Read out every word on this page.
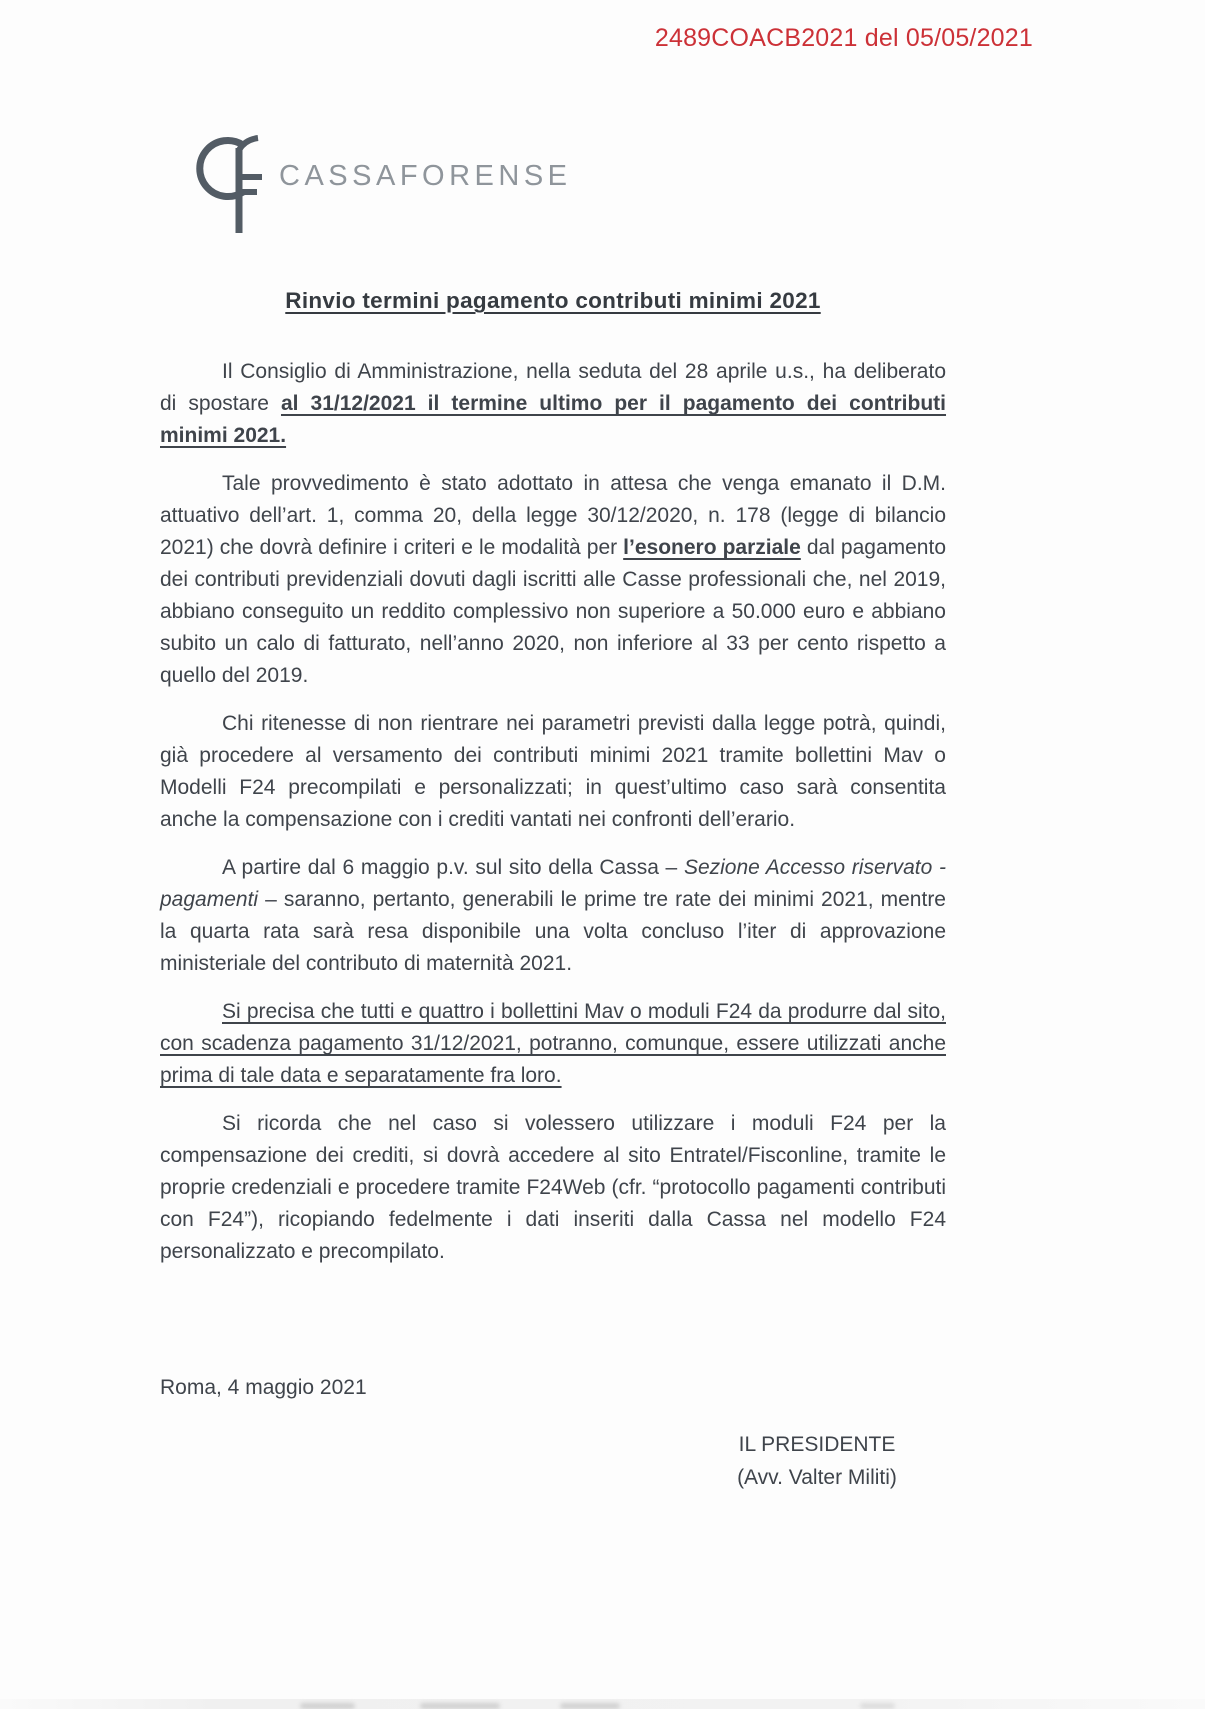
2489COACB2021 del 05/05/2021
CASSAFORENSE
Rinvio termini pagamento contributi minimi 2021

Il Consiglio di Amministrazione, nella seduta del 28 aprile u.s., ha deliberato di spostare al 31/12/2021 il termine ultimo per il pagamento dei contributi minimi 2021.

Tale provvedimento è stato adottato in attesa che venga emanato il D.M. attuativo dell’art. 1, comma 20, della legge 30/12/2020, n. 178 (legge di bilancio 2021) che dovrà definire i criteri e le modalità per l’esonero parziale dal pagamento dei contributi previdenziali dovuti dagli iscritti alle Casse professionali che, nel 2019, abbiano conseguito un reddito complessivo non superiore a 50.000 euro e abbiano subito un calo di fatturato, nell’anno 2020, non inferiore al 33 per cento rispetto a quello del 2019.

Chi ritenesse di non rientrare nei parametri previsti dalla legge potrà, quindi, già procedere al versamento dei contributi minimi 2021 tramite bollettini Mav o Modelli F24 precompilati e personalizzati; in quest’ultimo caso sarà consentita anche la compensazione con i crediti vantati nei confronti dell’erario.

A partire dal 6 maggio p.v. sul sito della Cassa – Sezione Accesso riservato - pagamenti – saranno, pertanto, generabili le prime tre rate dei minimi 2021, mentre la quarta rata sarà resa disponibile una volta concluso l’iter di approvazione ministeriale del contributo di maternità 2021.

Si precisa che tutti e quattro i bollettini Mav o moduli F24 da produrre dal sito, con scadenza pagamento 31/12/2021, potranno, comunque, essere utilizzati anche prima di tale data e separatamente fra loro.

Si ricorda che nel caso si volessero utilizzare i moduli F24 per la compensazione dei crediti, si dovrà accedere al sito Entratel/Fisconline, tramite le proprie credenziali e procedere tramite F24Web (cfr. “protocollo pagamenti contributi con F24”), ricopiando fedelmente i dati inseriti dalla Cassa nel modello F24 personalizzato e precompilato.

Roma, 4 maggio 2021

IL PRESIDENTE
(Avv. Valter Militi)
